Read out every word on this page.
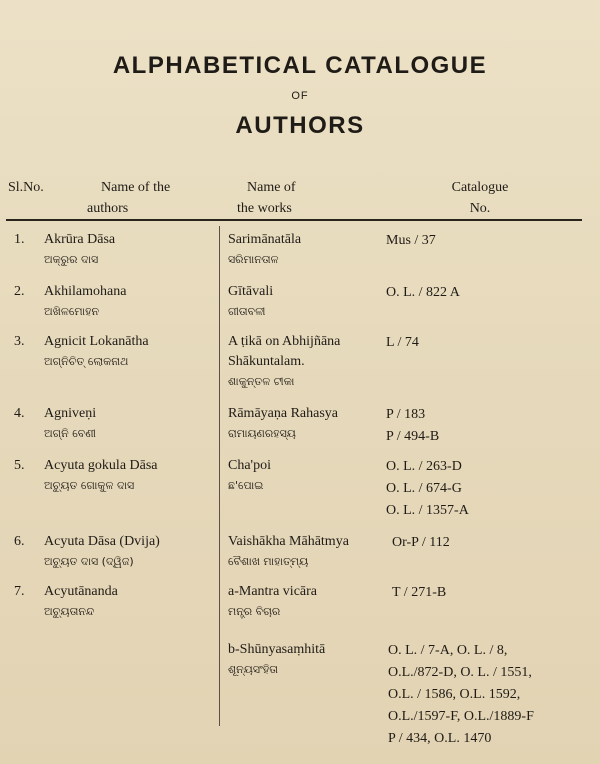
ALPHABETICAL CATALOGUE
OF
AUTHORS
Sl.No.	Name of the
authors
Name of
the works
Catalogue
No.
1. Akrūra Dāsa
ଅକ୍ରୁର ଦାସ
Sarimānatāla
ସରିମାନତାଳ
Mus / 37
2. Akhilamohana
ଅଖିଳମୋହନ
Gītāvali
ଗୀତାବଳୀ
O. L. / 822 A
3. Agnicit Lokanātha
ଅଗ୍ନିଚିତ୍ ଲୋକନାଥ
A ṭikā on Abhijñāna
Shākuntalam.
ଶାକୁନ୍ତଳ ଟୀକା
L / 74
4. Agniveṇi
ଅଗ୍ନି ବେଣୀ
Rāmāyaṇa Rahasya
ରାମାୟଣରହସ୍ୟ
P / 183
P / 494-B
5. Acyuta gokula Dāsa
ଅଚ୍ୟୁତ ଗୋକୁଳ ଦାସ
Cha'poi
ଛ'ପୋଇ
O. L. / 263-D
O. L. / 674-G
O. L. / 1357-A
6. Acyuta Dāsa (Dvija)
ଅଚ୍ୟୁତ ଦାସ (ଦ୍ୱିଜ)
Vaishākha Māhātmya
ବୈଶାଖ ମାହାତ୍ମ୍ୟ
Or-P / 112
7. Acyutānanda
ଅଚ୍ୟୁତାନନ୍ଦ
a-Mantra vicāra
ମନ୍ତ୍ର ବିଚାର
T / 271-B
b-Shūnyasaṃhitā
ଶୂନ୍ୟସଂହିତା
O. L. / 7-A, O. L. / 8,
O.L./872-D, O. L. / 1551,
O.L. / 1586, O.L. 1592,
O.L./1597-F, O.L./1889-F
P / 434, O.L. 1470
